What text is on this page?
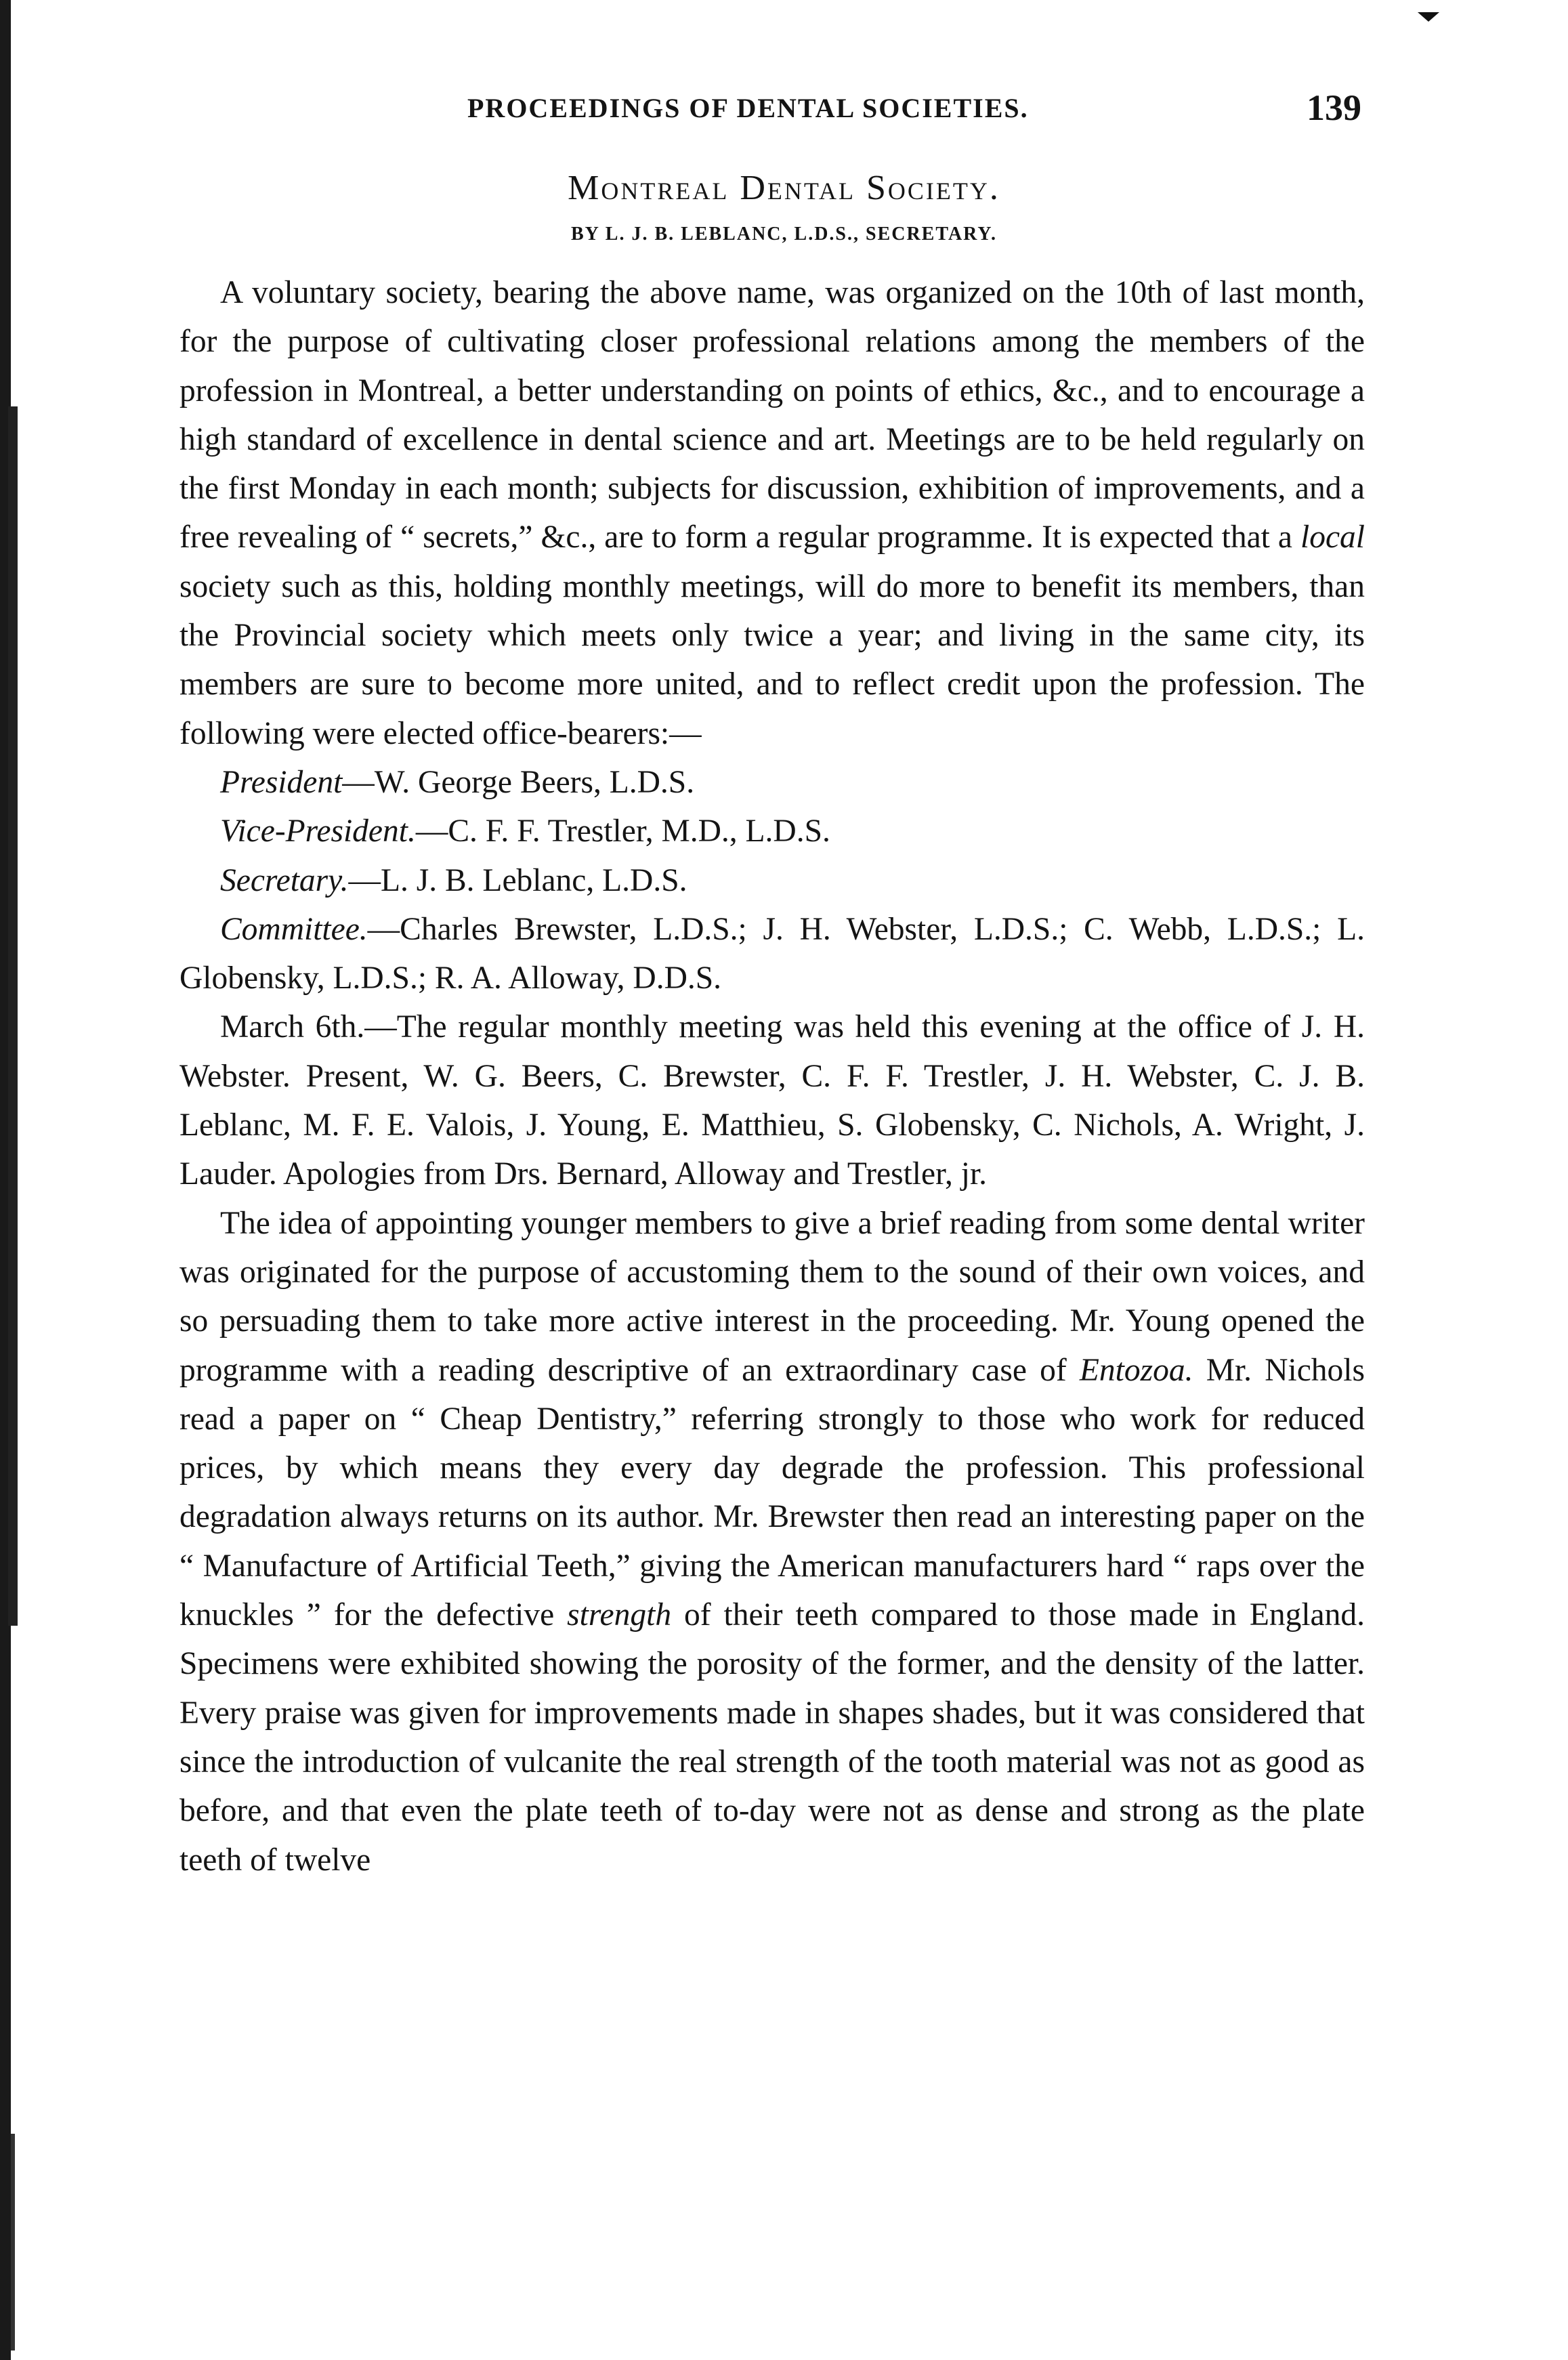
PROCEEDINGS OF DENTAL SOCIETIES.	139
Montreal Dental Society.
BY L. J. B. LEBLANC, L.D.S., SECRETARY.

A voluntary society, bearing the above name, was organized on the 10th of last month, for the purpose of cultivating closer professional relations among the members of the profession in Montreal, a better understanding on points of ethics, &c., and to encourage a high standard of excellence in dental science and art. Meetings are to be held regularly on the first Monday in each month; subjects for discussion, exhibition of improvements, and a free revealing of “ secrets,” &c., are to form a regular programme. It is expected that a local society such as this, holding monthly meetings, will do more to benefit its members, than the Provincial society which meets only twice a year; and living in the same city, its members are sure to become more united, and to reflect credit upon the profession. The following were elected office-bearers:—

President—W. George Beers, L.D.S.

Vice-President.—C. F. F. Trestler, M.D., L.D.S.

Secretary.—L. J. B. Leblanc, L.D.S.

Committee.—Charles Brewster, L.D.S.; J. H. Webster, L.D.S.; C. Webb, L.D.S.; L. Globensky, L.D.S.; R. A. Alloway, D.D.S.

March 6th.—The regular monthly meeting was held this evening at the office of J. H. Webster. Present, W. G. Beers, C. Brewster, C. F. F. Trestler, J. H. Webster, C. J. B. Leblanc, M. F. E. Valois, J. Young, E. Matthieu, S. Globensky, C. Nichols, A. Wright, J. Lauder. Apologies from Drs. Bernard, Alloway and Trestler, jr.

The idea of appointing younger members to give a brief reading from some dental writer was originated for the purpose of accustoming them to the sound of their own voices, and so persuading them to take more active interest in the proceeding. Mr. Young opened the programme with a reading descriptive of an extraordinary case of Entozoa. Mr. Nichols read a paper on “ Cheap Dentistry,” referring strongly to those who work for reduced prices, by which means they every day degrade the profession. This professional degradation always returns on its author. Mr. Brewster then read an interesting paper on the “ Manufacture of Artificial Teeth,” giving the American manufacturers hard “ raps over the knuckles ” for the defective strength of their teeth compared to those made in England. Specimens were exhibited showing the porosity of the former, and the density of the latter. Every praise was given for improvements made in shapes shades, but it was considered that since the introduction of vulcanite the real strength of the tooth material was not as good as before, and that even the plate teeth of to-day were not as dense and strong as the plate teeth of twelve
